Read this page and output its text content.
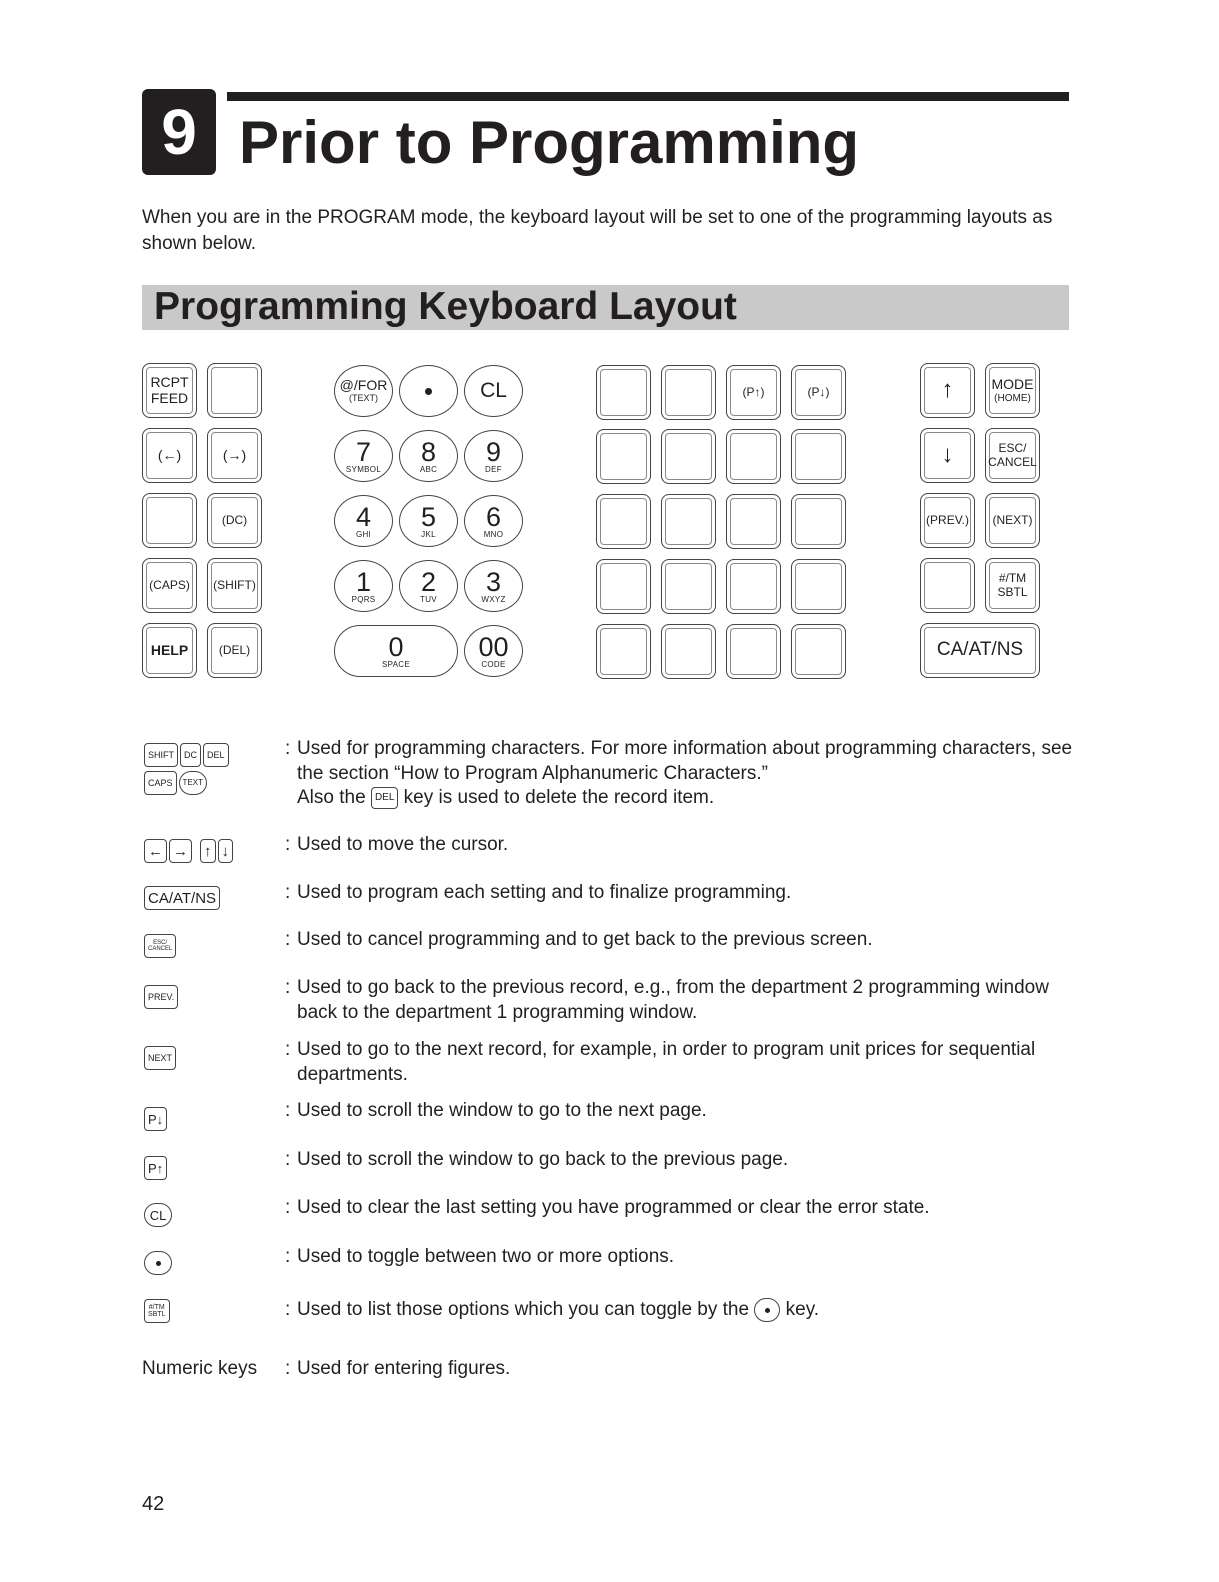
9 Prior to Programming

When you are in the PROGRAM mode, the keyboard layout will be set to one of the programming layouts as shown below.

Programming Keyboard Layout
RCPT
FEED
(←)	(→)
(DC)
(CAPS) (SHIFT)
HELP	(DEL)
@/FOR
(TEXT)	CL
7
SYMBOL
8
ABC
9
DEF
4
GHI
5
JKL
6
MNO
1
PQRS
2
TUV
3
WXYZ
0
SPACE
00
CODE
(P↑)	(P↓)	↑	MODE
(HOME)
↓	ESC/
CANCEL
(PREV.) (NEXT)
#/TM
SBTL
CA/AT/NS
SHIFT DC DEL
CAPS TEXT
: Used for programming characters. For more information about programming characters, see the section “How to Program Alphanumeric Characters.”
Also the DEL key is used to delete the record item.
← → ↑ ↓	: Used to move the cursor.
CA/AT/NS	: Used to program each setting and to finalize programming.
ESC/
CANCEL	: Used to cancel programming and to get back to the previous screen.
PREV.	: Used to go back to the previous record, e.g., from the department 2 programming window back to the department 1 programming window.
NEXT	: Used to go to the next record, for example, in order to program unit prices for sequential departments.
P↓	: Used to scroll the window to go to the next page.
P↑	: Used to scroll the window to go back to the previous page.
CL	: Used to clear the last setting you have programmed or clear the error state.
: Used to toggle between two or more options.
#/TM
SBTL	: Used to list those options which you can toggle by the key.
Numeric keys : Used for entering figures.
42
